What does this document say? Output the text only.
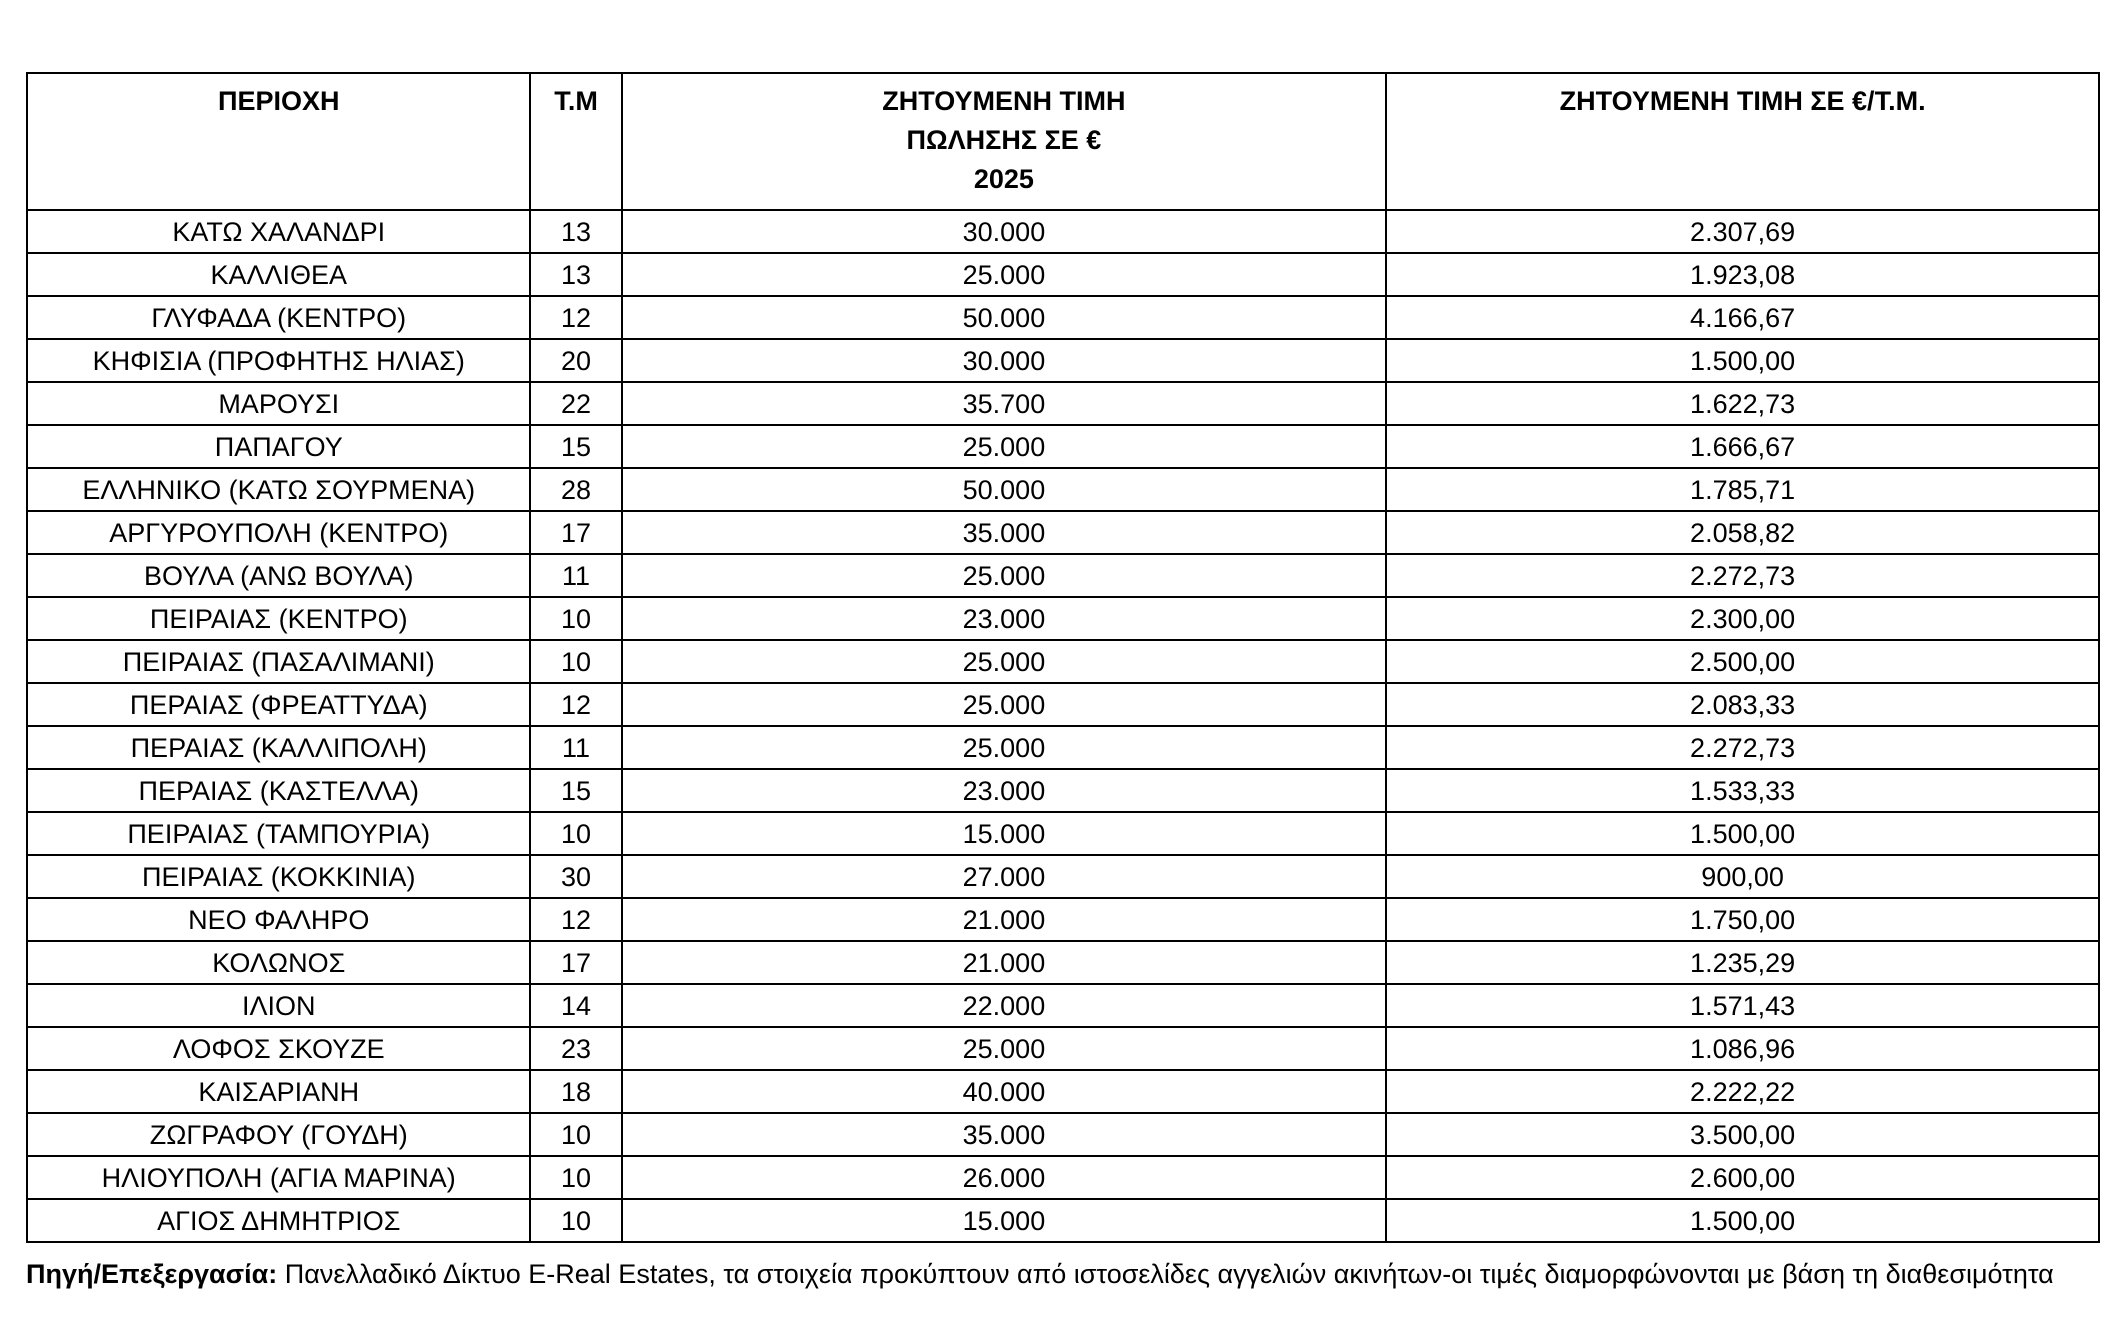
ΠΕΡΙΟΧΗ	Τ.Μ	ΖΗΤΟΥΜΕΝΗ ΤΙΜΗ
ΠΩΛΗΣΗΣ ΣΕ €
2025	ΖΗΤΟΥΜΕΝΗ ΤΙΜΗ ΣΕ €/Τ.Μ.
ΚΑΤΩ ΧΑΛΑΝΔΡΙ	13	30.000	2.307,69
ΚΑΛΛΙΘΕΑ	13	25.000	1.923,08
ΓΛΥΦΑΔΑ (ΚΕΝΤΡΟ)	12	50.000	4.166,67
ΚΗΦΙΣΙΑ (ΠΡΟΦΗΤΗΣ ΗΛΙΑΣ)	20	30.000	1.500,00
ΜΑΡΟΥΣΙ	22	35.700	1.622,73
ΠΑΠΑΓΟΥ	15	25.000	1.666,67
ΕΛΛΗΝΙΚΟ (ΚΑΤΩ ΣΟΥΡΜΕΝΑ)	28	50.000	1.785,71
ΑΡΓΥΡΟΥΠΟΛΗ (ΚΕΝΤΡΟ)	17	35.000	2.058,82
ΒΟΥΛΑ (ΑΝΩ ΒΟΥΛΑ)	11	25.000	2.272,73
ΠΕΙΡΑΙΑΣ (ΚΕΝΤΡΟ)	10	23.000	2.300,00
ΠΕΙΡΑΙΑΣ (ΠΑΣΑΛΙΜΑΝΙ)	10	25.000	2.500,00
ΠΕΡΑΙΑΣ (ΦΡΕΑΤΤΥΔΑ)	12	25.000	2.083,33
ΠΕΡΑΙΑΣ (ΚΑΛΛΙΠΟΛΗ)	11	25.000	2.272,73
ΠΕΡΑΙΑΣ (ΚΑΣΤΕΛΛΑ)	15	23.000	1.533,33
ΠΕΙΡΑΙΑΣ (ΤΑΜΠΟΥΡΙΑ)	10	15.000	1.500,00
ΠΕΙΡΑΙΑΣ (ΚΟΚΚΙΝΙΑ)	30	27.000	900,00
ΝΕΟ ΦΑΛΗΡΟ	12	21.000	1.750,00
ΚΟΛΩΝΟΣ	17	21.000	1.235,29
ΙΛΙΟΝ	14	22.000	1.571,43
ΛΟΦΟΣ ΣΚΟΥΖΕ	23	25.000	1.086,96
ΚΑΙΣΑΡΙΑΝΗ	18	40.000	2.222,22
ΖΩΓΡΑΦΟΥ (ΓΟΥΔΗ)	10	35.000	3.500,00
ΗΛΙΟΥΠΟΛΗ (ΑΓΙΑ ΜΑΡΙΝΑ)	10	26.000	2.600,00
ΑΓΙΟΣ ΔΗΜΗΤΡΙΟΣ	10	15.000	1.500,00

Πηγή/Επεξεργασία: Πανελλαδικό Δίκτυο E-Real Estates, τα στοιχεία προκύπτουν από ιστοσελίδες αγγελιών ακινήτων-οι τιμές διαμορφώνονται με βάση τη διαθεσιμότητα
